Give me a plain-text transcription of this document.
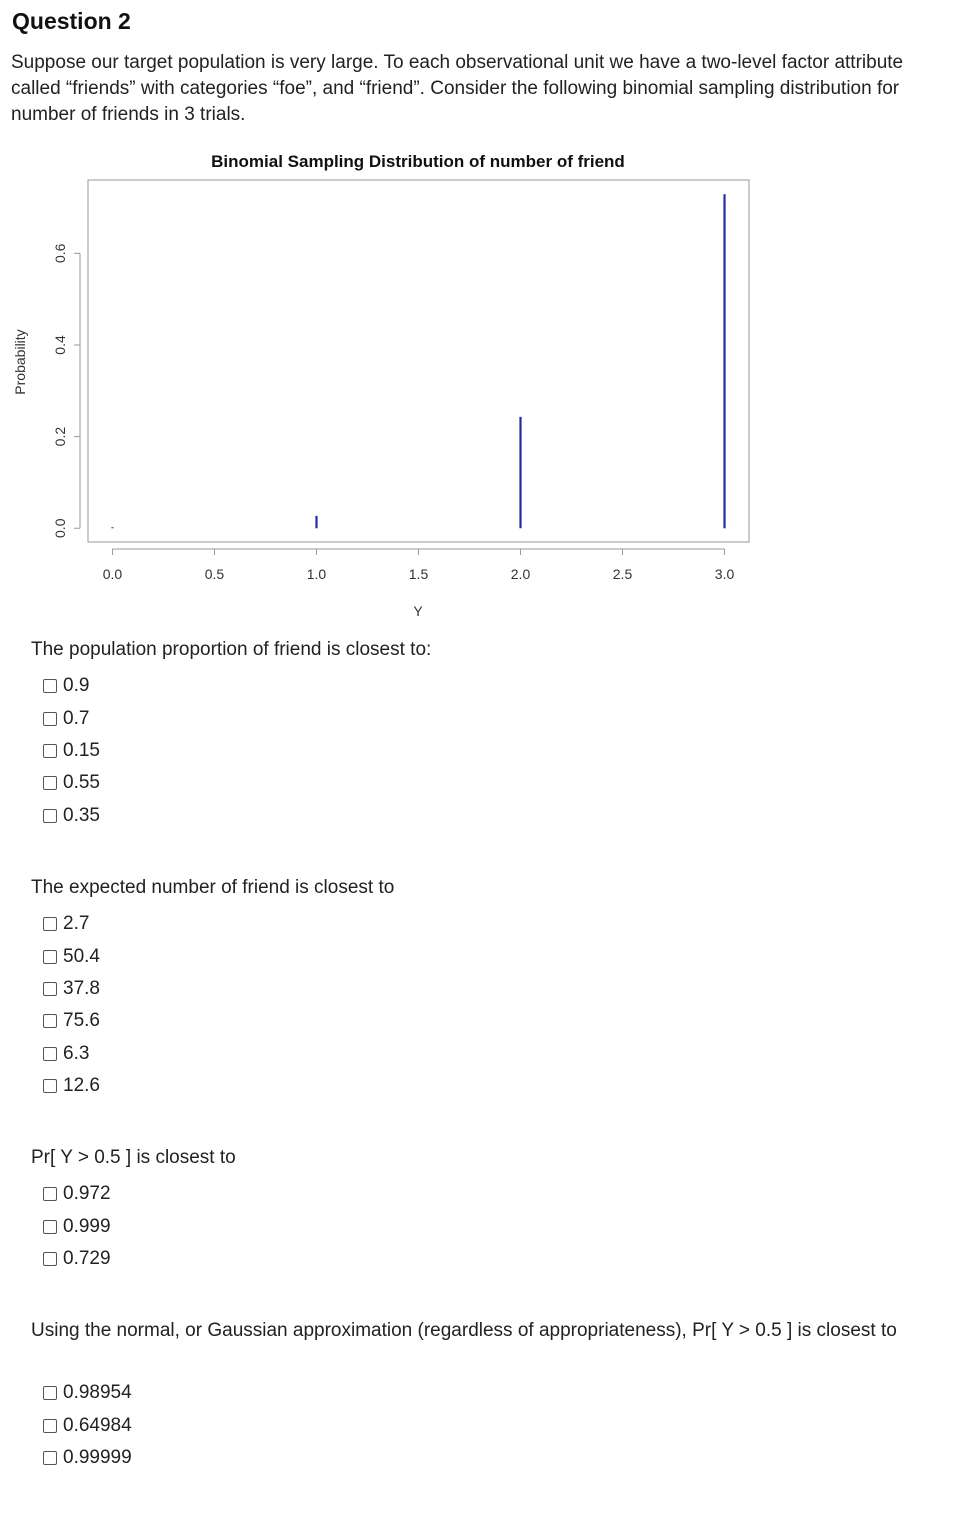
Question 2
Suppose our target population is very large. To each observational unit we have a two-level factor attribute called “friends” with categories “foe”, and “friend”. Consider the following binomial sampling distribution for number of friends in 3 trials.
Binomial Sampling Distribution of number of friend
0.0	0.5	1.0	1.5	2.0	2.5	3.0
0.0
0.2
0.4
0.6
Y
Probability
The population proportion of friend is closest to:
0.9
0.7
0.15
0.55
0.35
The expected number of friend is closest to
2.7
50.4
37.8
75.6
6.3
12.6
Pr[ Y > 0.5 ] is closest to
0.972
0.999
0.729
Using the normal, or Gaussian approximation (regardless of appropriateness), Pr[ Y > 0.5 ] is closest to
0.98954
0.64984
0.99999
